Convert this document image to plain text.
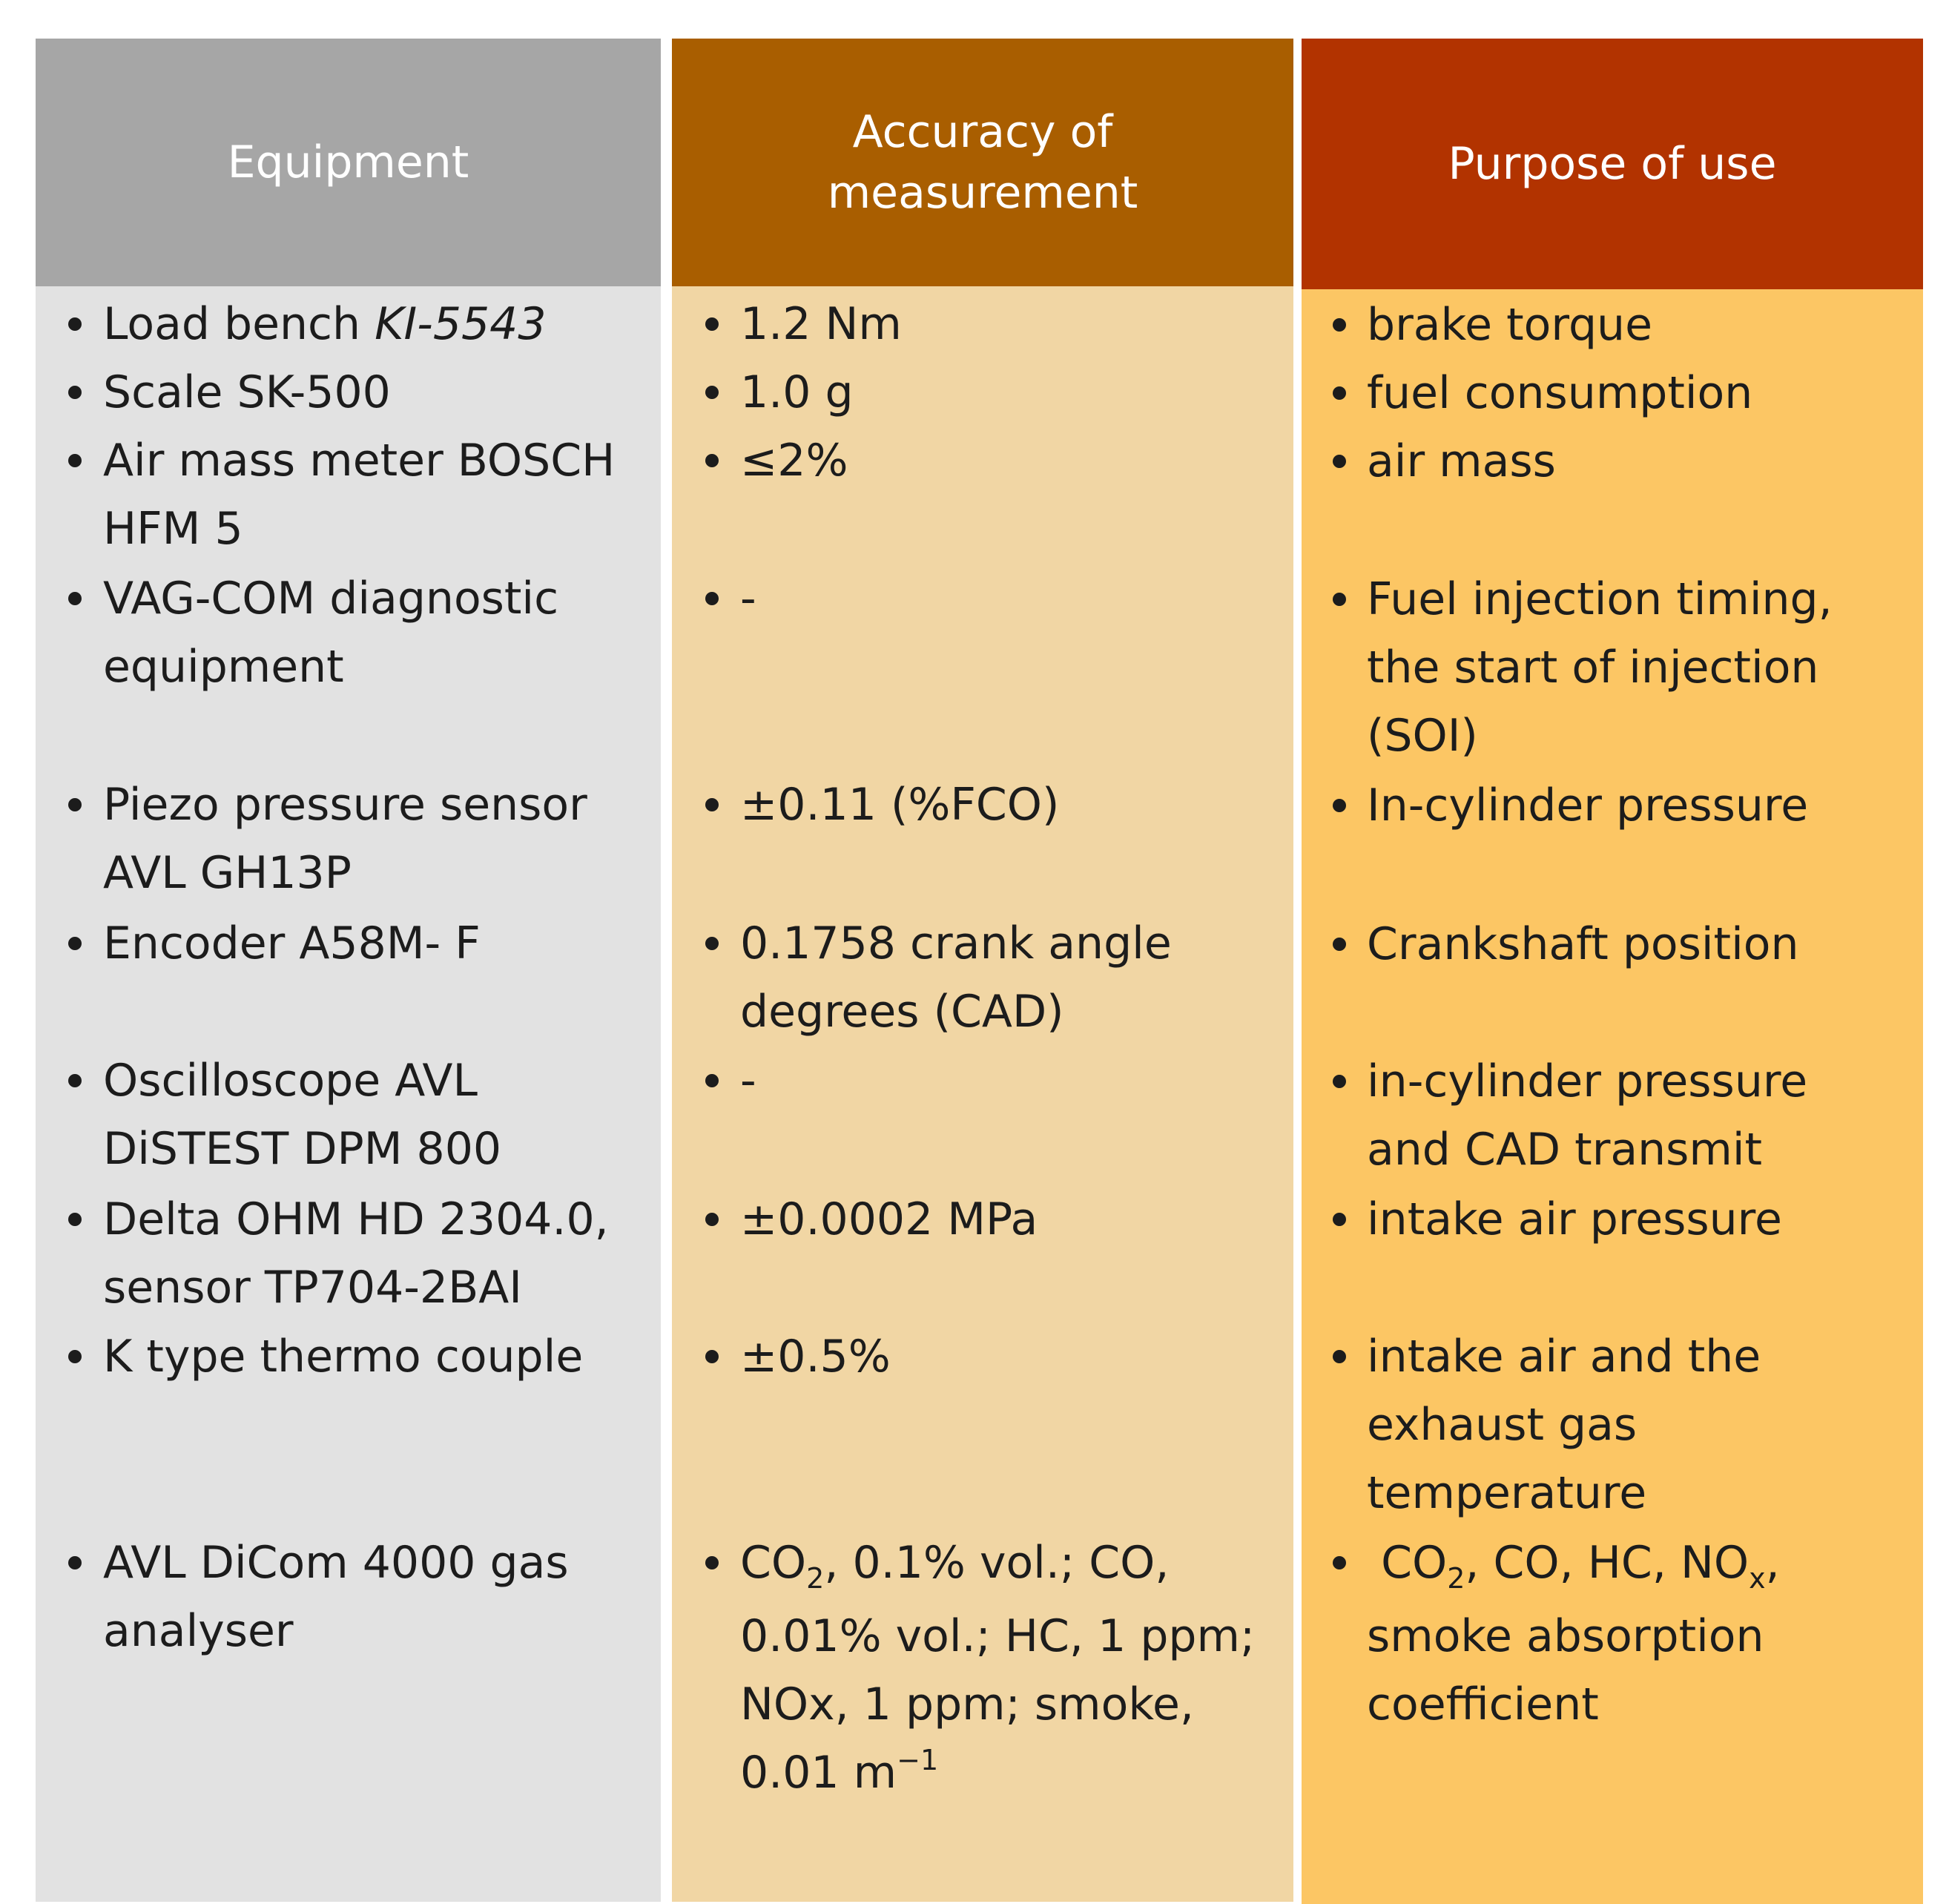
Equipment
Load bench KI-5543
Scale SK-500
Air mass meter BOSCH
HFM 5
VAG-COM diagnostic
equipment
Piezo pressure sensor
AVL GH13P
Encoder A58M- F
Oscilloscope AVL
DiSTEST DPM 800
Delta OHM HD 2304.0,
sensor TP704-2BAI
K type thermo couple
AVL DiCom 4000 gas
analyser
Accuracy of
measurement
1.2 Nm
1.0 g
≤2%
-
±0.11 (%FCO)
0.1758 crank angle
degrees (CAD)
-
±0.0002 MPa
±0.5%
$CO_2$, 0.1% vol.; CO,
0.01% vol.; HC, 1 ppm;
NOx, 1 ppm; smoke,
0.01 $m^{-1}$
Purpose of use
brake torque
fuel consumption
air mass
Fuel injection timing,
the start of injection
(SOI)
In-cylinder pressure
Crankshaft position
in-cylinder pressure
and CAD transmit
intake air pressure
intake air and the
exhaust gas
temperature
$CO_2$, CO, HC, $NO_x$,
smoke absorption
coefficient
